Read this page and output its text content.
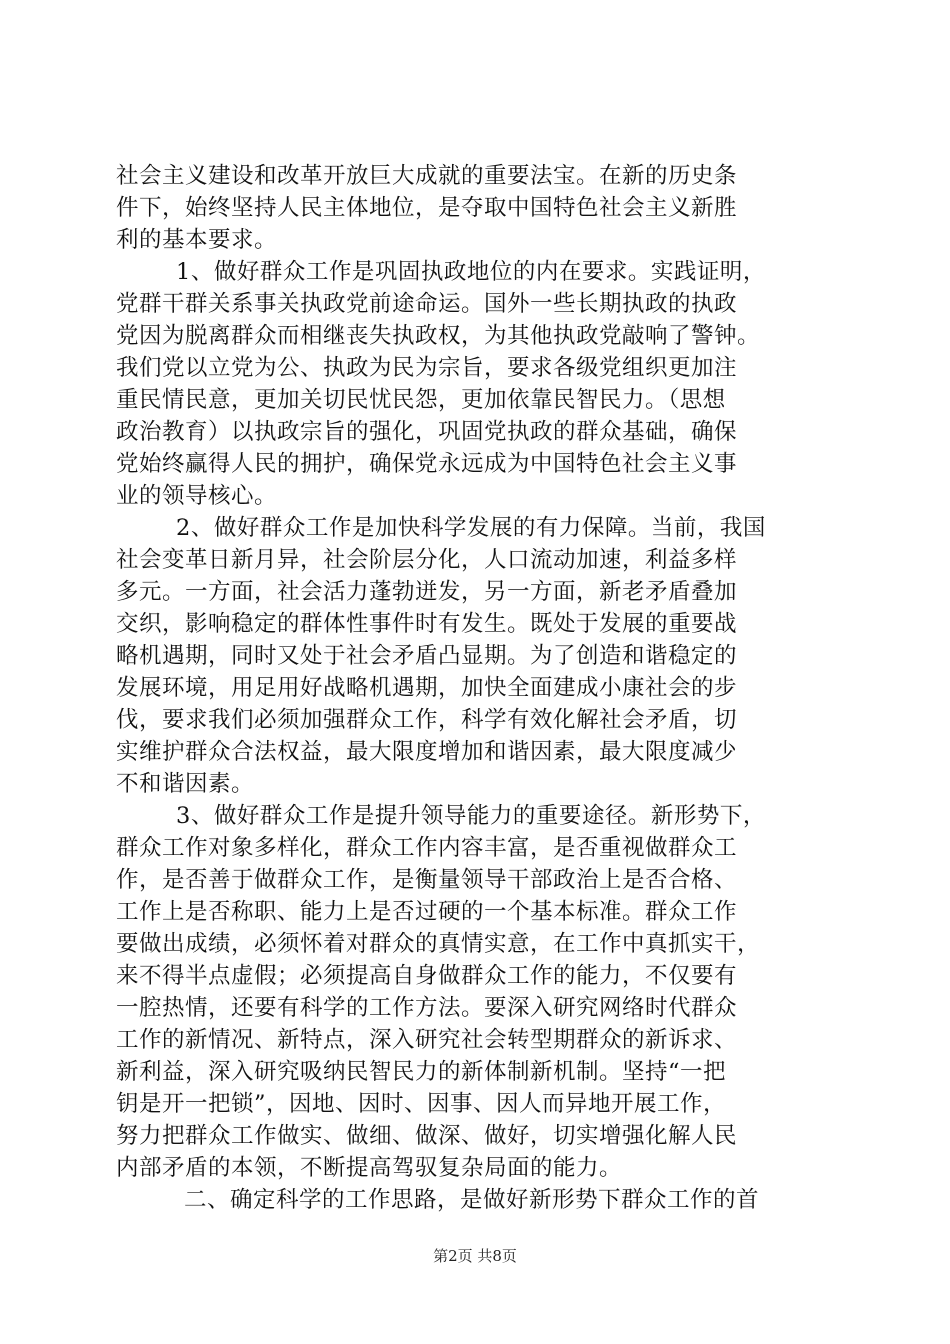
社会主义建设和改革开放巨大成就的重要法宝。在新的历史条
件下，始终坚持人民主体地位，是夺取中国特色社会主义新胜
利的基本要求。
1、做好群众工作是巩固执政地位的内在要求。实践证明，
党群干群关系事关执政党前途命运。国外一些长期执政的执政
党因为脱离群众而相继丧失执政权，为其他执政党敲响了警钟。
我们党以立党为公、执政为民为宗旨，要求各级党组织更加注
重民情民意，更加关切民忧民怨，更加依靠民智民力。（思想
政治教育）以执政宗旨的强化，巩固党执政的群众基础，确保
党始终赢得人民的拥护，确保党永远成为中国特色社会主义事
业的领导核心。
2、做好群众工作是加快科学发展的有力保障。当前，我国
社会变革日新月异，社会阶层分化，人口流动加速，利益多样
多元。一方面，社会活力蓬勃迸发，另一方面，新老矛盾叠加
交织，影响稳定的群体性事件时有发生。既处于发展的重要战
略机遇期，同时又处于社会矛盾凸显期。为了创造和谐稳定的
发展环境，用足用好战略机遇期，加快全面建成小康社会的步
伐，要求我们必须加强群众工作，科学有效化解社会矛盾，切
实维护群众合法权益，最大限度增加和谐因素，最大限度减少
不和谐因素。
3、做好群众工作是提升领导能力的重要途径。新形势下，
群众工作对象多样化，群众工作内容丰富，是否重视做群众工
作，是否善于做群众工作，是衡量领导干部政治上是否合格、
工作上是否称职、能力上是否过硬的一个基本标准。群众工作
要做出成绩，必须怀着对群众的真情实意，在工作中真抓实干，
来不得半点虚假；必须提高自身做群众工作的能力，不仅要有
一腔热情，还要有科学的工作方法。要深入研究网络时代群众
工作的新情况、新特点，深入研究社会转型期群众的新诉求、
新利益，深入研究吸纳民智民力的新体制新机制。坚持“一把
钥是开一把锁”，因地、因时、因事、因人而异地开展工作，
努力把群众工作做实、做细、做深、做好，切实增强化解人民
内部矛盾的本领，不断提高驾驭复杂局面的能力。
二、确定科学的工作思路，是做好新形势下群众工作的首
第2页 共8页
